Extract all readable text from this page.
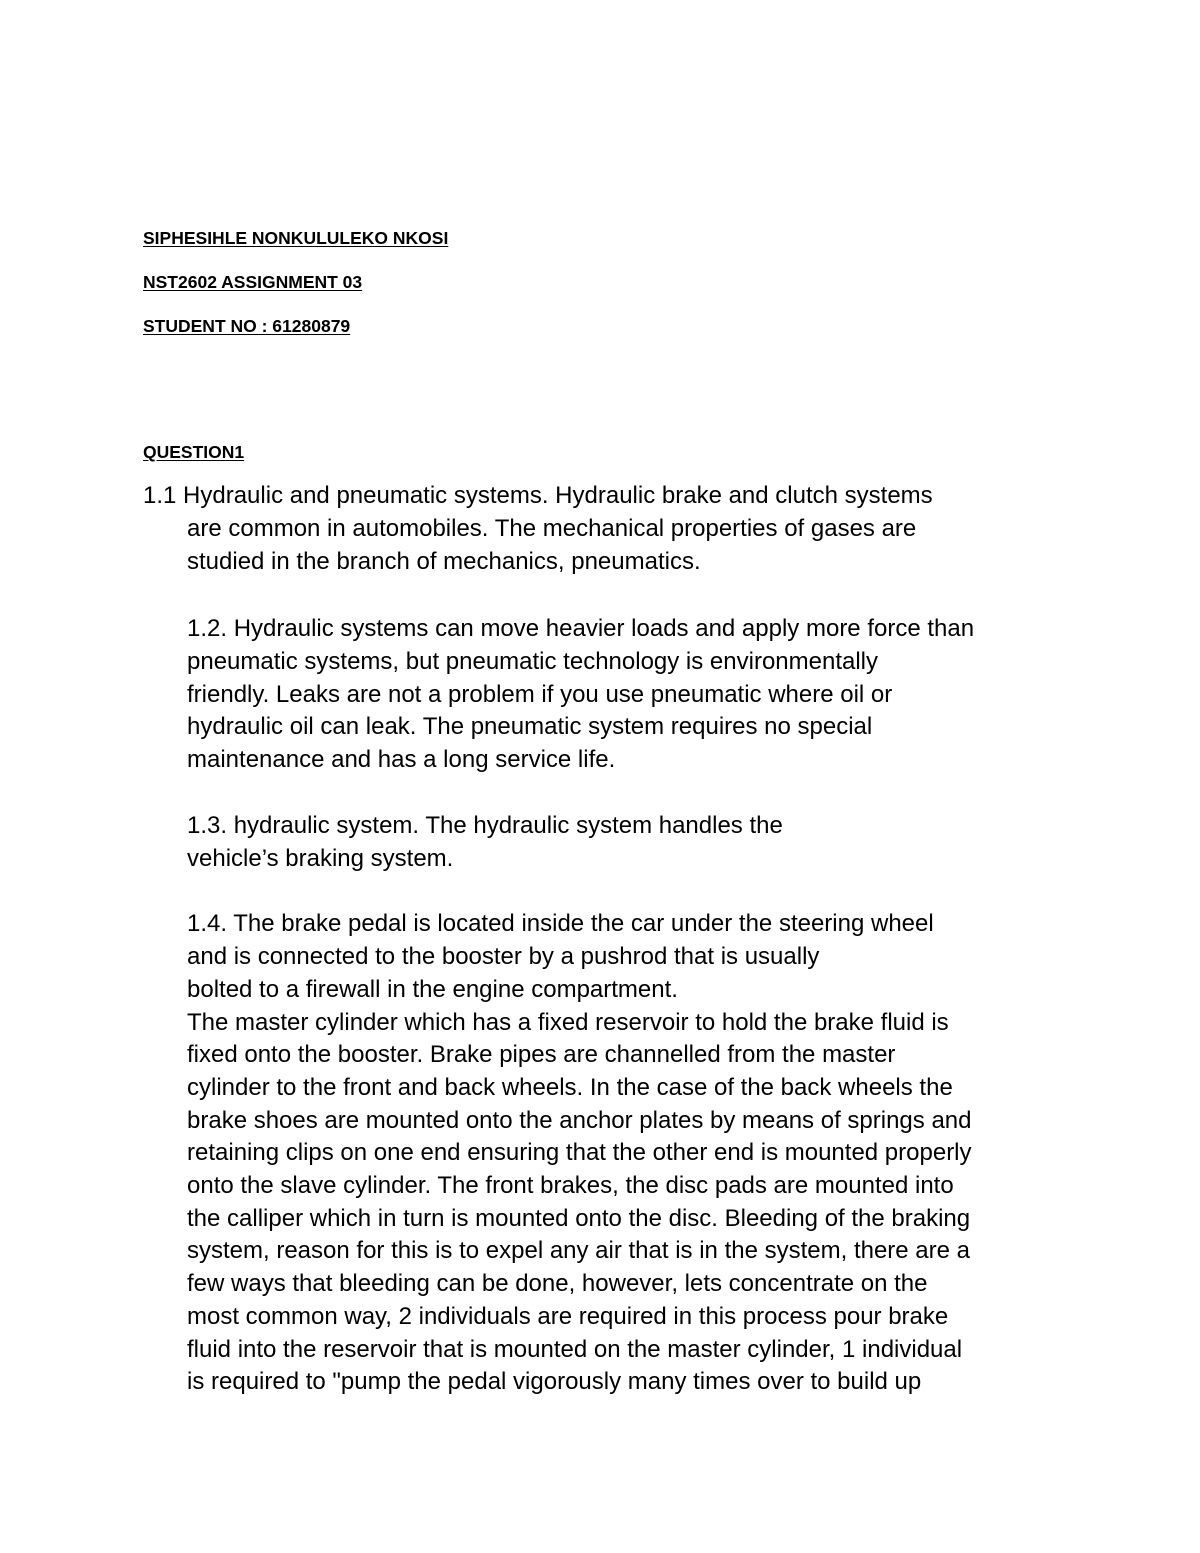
SIPHESIHLE NONKULULEKO NKOSI
NST2602 ASSIGNMENT 03
STUDENT NO : 61280879
QUESTION1
1.1 Hydraulic and pneumatic systems. Hydraulic brake and clutch systems
are common in automobiles. The mechanical properties of gases are
studied in the branch of mechanics, pneumatics.
1.2. Hydraulic systems can move heavier loads and apply more force than
pneumatic systems, but pneumatic technology is environmentally
friendly. Leaks are not a problem if you use pneumatic where oil or
hydraulic oil can leak. The pneumatic system requires no special
maintenance and has a long service life.
1.3. hydraulic system. The hydraulic system handles the
vehicle’s braking system.
1.4. The brake pedal is located inside the car under the steering wheel
and is connected to the booster by a pushrod that is usually
bolted to a firewall in the engine compartment.
The master cylinder which has a fixed reservoir to hold the brake fluid is
fixed onto the booster. Brake pipes are channelled from the master
cylinder to the front and back wheels. In the case of the back wheels the
brake shoes are mounted onto the anchor plates by means of springs and
retaining clips on one end ensuring that the other end is mounted properly
onto the slave cylinder. The front brakes, the disc pads are mounted into
the calliper which in turn is mounted onto the disc. Bleeding of the braking
system, reason for this is to expel any air that is in the system, there are a
few ways that bleeding can be done, however, lets concentrate on the
most common way, 2 individuals are required in this process pour brake
fluid into the reservoir that is mounted on the master cylinder, 1 individual
is required to "pump the pedal vigorously many times over to build up
